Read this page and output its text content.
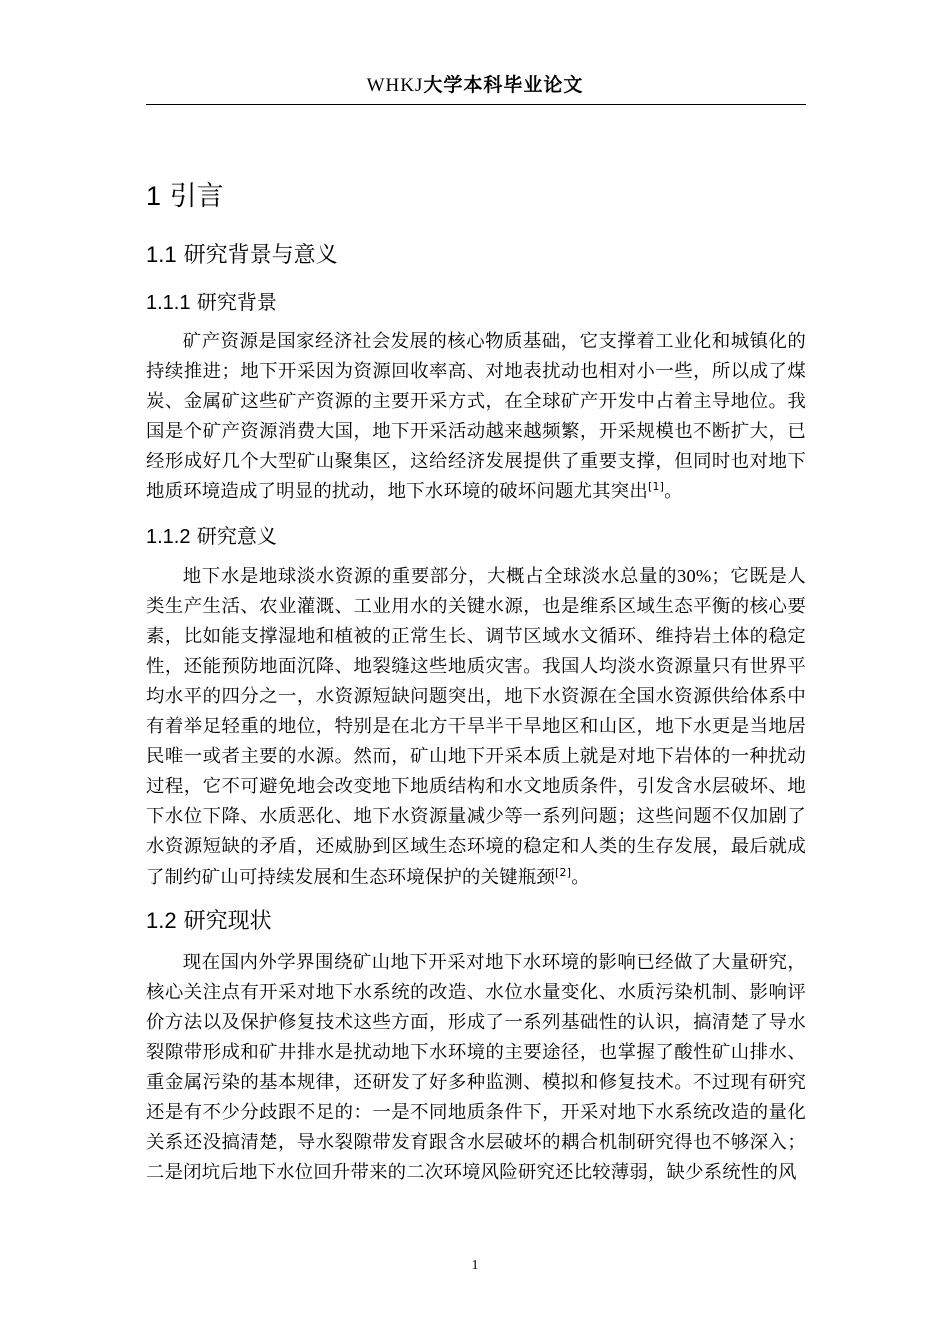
WHKJ大学本科毕业论文
1 引言
1.1 研究背景与意义
1.1.1 研究背景

矿产资源是国家经济社会发展的核心物质基础，它支撑着工业化和城镇化的持续推进；地下开采因为资源回收率高、对地表扰动也相对小一些，所以成了煤炭、金属矿这些矿产资源的主要开采方式，在全球矿产开发中占着主导地位。我国是个矿产资源消费大国，地下开采活动越来越频繁，开采规模也不断扩大，已经形成好几个大型矿山聚集区，这给经济发展提供了重要支撑，但同时也对地下地质环境造成了明显的扰动，地下水环境的破坏问题尤其突出[1]。

1.1.2 研究意义

地下水是地球淡水资源的重要部分，大概占全球淡水总量的30%；它既是人类生产生活、农业灌溉、工业用水的关键水源，也是维系区域生态平衡的核心要素，比如能支撑湿地和植被的正常生长、调节区域水文循环、维持岩土体的稳定性，还能预防地面沉降、地裂缝这些地质灾害。我国人均淡水资源量只有世界平均水平的四分之一，水资源短缺问题突出，地下水资源在全国水资源供给体系中有着举足轻重的地位，特别是在北方干旱半干旱地区和山区，地下水更是当地居民唯一或者主要的水源。然而，矿山地下开采本质上就是对地下岩体的一种扰动过程，它不可避免地会改变地下地质结构和水文地质条件，引发含水层破坏、地下水位下降、水质恶化、地下水资源量减少等一系列问题；这些问题不仅加剧了水资源短缺的矛盾，还威胁到区域生态环境的稳定和人类的生存发展，最后就成了制约矿山可持续发展和生态环境保护的关键瓶颈[2]。

1.2 研究现状

现在国内外学界围绕矿山地下开采对地下水环境的影响已经做了大量研究，核心关注点有开采对地下水系统的改造、水位水量变化、水质污染机制、影响评价方法以及保护修复技术这些方面，形成了一系列基础性的认识，搞清楚了导水裂隙带形成和矿井排水是扰动地下水环境的主要途径，也掌握了酸性矿山排水、重金属污染的基本规律，还研发了好多种监测、模拟和修复技术。不过现有研究还是有不少分歧跟不足的：一是不同地质条件下，开采对地下水系统改造的量化关系还没搞清楚，导水裂隙带发育跟含水层破坏的耦合机制研究得也不够深入；二是闭坑后地下水位回升带来的二次环境风险研究还比较薄弱，缺少系统性的风

1
